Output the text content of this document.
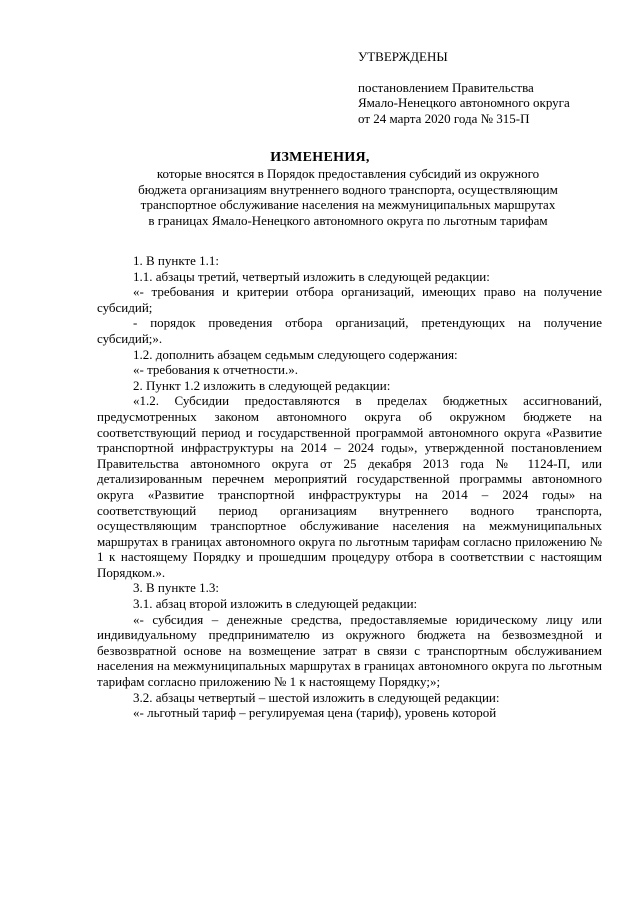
УТВЕРЖДЕНЫ
постановлением Правительства
Ямало-Ненецкого автономного округа
от 24 марта 2020 года № 315-П
ИЗМЕНЕНИЯ,
которые вносятся в Порядок предоставления субсидий из окружного
бюджета организациям внутреннего водного транспорта, осуществляющим
транспортное обслуживание населения на межмуниципальных маршрутах
в границах Ямало-Ненецкого автономного округа по льготным тарифам

1. В пункте 1.1:

1.1. абзацы третий, четвертый изложить в следующей редакции:

«- требования и критерии отбора организаций, имеющих право на получение субсидий;

- порядок проведения отбора организаций, претендующих на получение субсидий;».

1.2. дополнить абзацем седьмым следующего содержания:

«- требования к отчетности.».

2. Пункт 1.2 изложить в следующей редакции:

«1.2. Субсидии предоставляются в пределах бюджетных ассигнований, предусмотренных законом автономного округа об окружном бюджете на соответствующий период и государственной программой автономного округа «Развитие транспортной инфраструктуры на 2014 – 2024 годы», утвержденной постановлением Правительства автономного округа от 25 декабря 2013 года № 1124-П, или детализированным перечнем мероприятий государственной программы автономного округа «Развитие транспортной инфраструктуры на 2014 – 2024 годы» на соответствующий период организациям внутреннего водного транспорта, осуществляющим транспортное обслуживание населения на межмуниципальных маршрутах в границах автономного округа по льготным тарифам согласно приложению № 1 к настоящему Порядку и прошедшим процедуру отбора в соответствии с настоящим Порядком.».

3. В пункте 1.3:

3.1. абзац второй изложить в следующей редакции:

«- субсидия – денежные средства, предоставляемые юридическому лицу или индивидуальному предпринимателю из окружного бюджета на безвозмездной и безвозвратной основе на возмещение затрат в связи с транспортным обслуживанием населения на межмуниципальных маршрутах в границах автономного округа по льготным тарифам согласно приложению № 1 к настоящему Порядку;»;

3.2. абзацы четвертый – шестой изложить в следующей редакции:

«- льготный тариф – регулируемая цена (тариф), уровень которой
